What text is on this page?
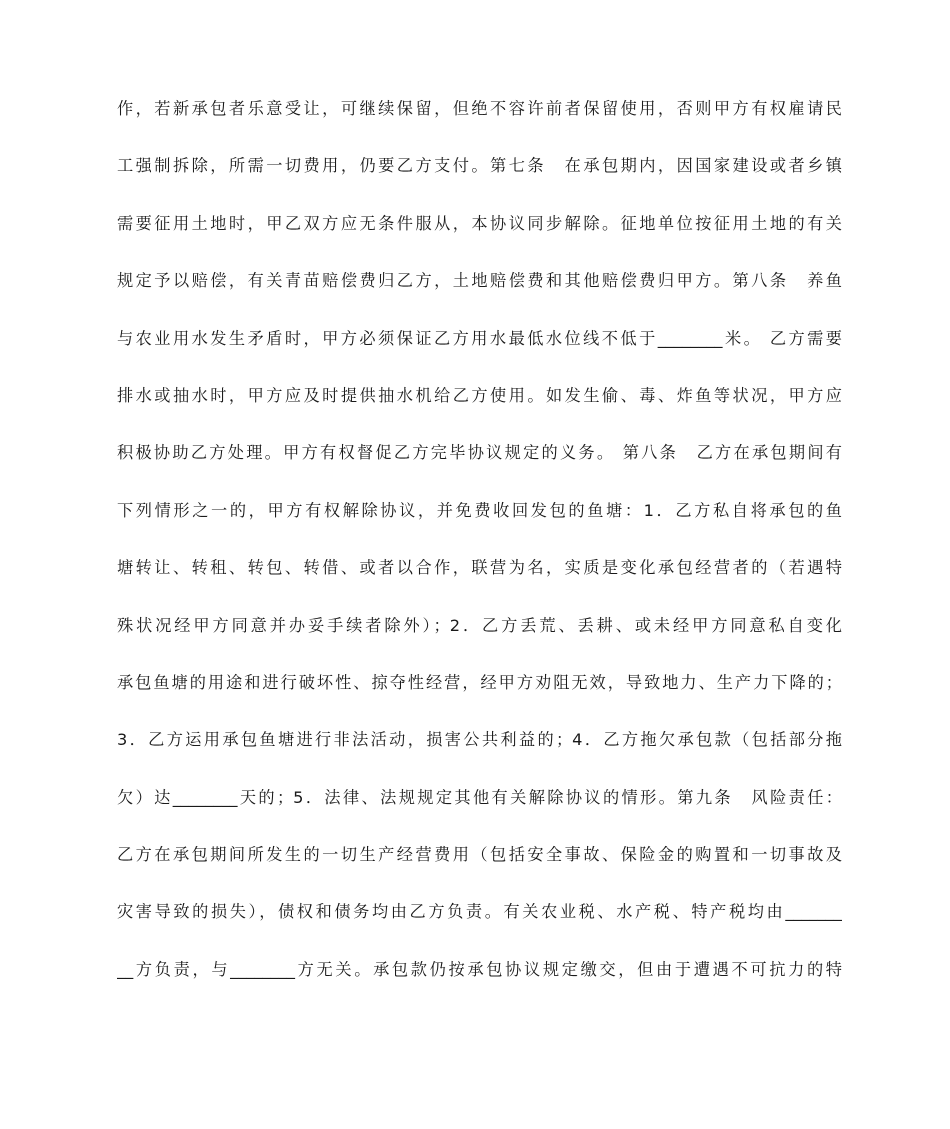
作，若新承包者乐意受让，可继续保留，但绝不容许前者保留使用，否则甲方有权雇请民
工强制拆除，所需一切费用，仍要乙方支付。第七条　在承包期内，因国家建设或者乡镇
需要征用土地时，甲乙双方应无条件服从，本协议同步解除。征地单位按征用土地的有关
规定予以赔偿，有关青苗赔偿费归乙方，土地赔偿费和其他赔偿费归甲方。第八条　养鱼
与农业用水发生矛盾时，甲方必须保证乙方用水最低水位线不低于________米。 乙方需要
排水或抽水时，甲方应及时提供抽水机给乙方使用。如发生偷、毒、炸鱼等状况，甲方应
积极协助乙方处理。甲方有权督促乙方完毕协议规定的义务。 第八条　乙方在承包期间有
下列情形之一的，甲方有权解除协议，并免费收回发包的鱼塘：1．乙方私自将承包的鱼
塘转让、转租、转包、转借、或者以合作，联营为名，实质是变化承包经营者的（若遇特
殊状况经甲方同意并办妥手续者除外）；2．乙方丢荒、丢耕、或未经甲方同意私自变化
承包鱼塘的用途和进行破坏性、掠夺性经营，经甲方劝阻无效，导致地力、生产力下降的；
3．乙方运用承包鱼塘进行非法活动，损害公共利益的；4．乙方拖欠承包款（包括部分拖
欠）达________天的；5．法律、法规规定其他有关解除协议的情形。第九条　风险责任：
乙方在承包期间所发生的一切生产经营费用（包括安全事故、保险金的购置和一切事故及
灾害导致的损失），债权和债务均由乙方负责。有关农业税、水产税、特产税均由_______
__方负责，与________方无关。承包款仍按承包协议规定缴交，但由于遭遇不可抗力的特
